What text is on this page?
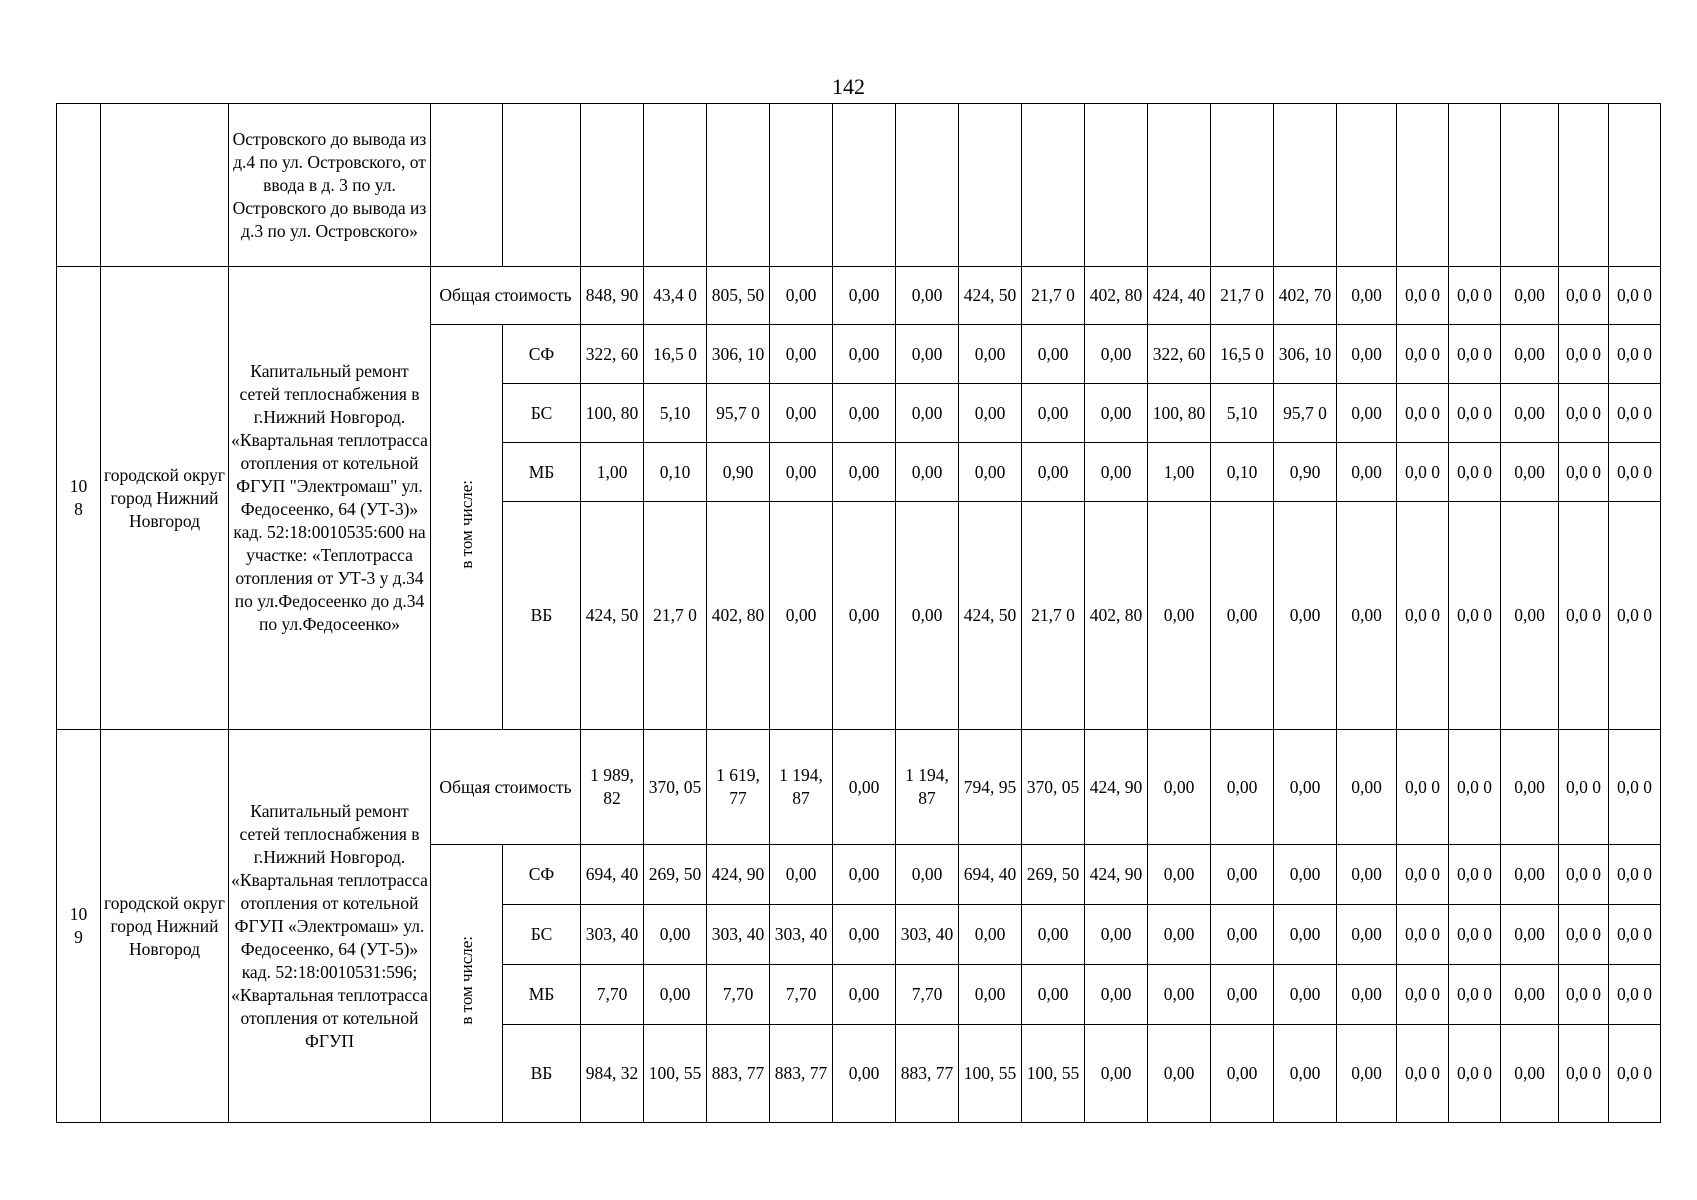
142
		Островского до вывода из д.4 по ул. Островского, от ввода в д. 3 по ул. Островского до вывода из д.3 по ул. Островского»																				
10
8	городской округ город Нижний Новгород	Капитальный ремонт сетей теплоснабжения в г.Нижний Новгород. «Квартальная теплотрасса отопления от котельной ФГУП "Электромаш" ул. Федосеенко, 64 (УТ-3)» кад. 52:18:0010535:600 на участке: «Теплотрасса отопления от УТ-3 у д.34 по ул.Федосеенко до д.34 по ул.Федосеенко»	Общая стоимость		848, 90	43,4 0	805, 50	0,00	0,00	0,00	424, 50	21,7 0	402, 80	424, 40	21,7 0	402, 70	0,00	0,0 0	0,0 0	0,00	0,0 0	0,0 0
			в том числе:	СФ	322, 60	16,5 0	306, 10	0,00	0,00	0,00	0,00	0,00	0,00	322, 60	16,5 0	306, 10	0,00	0,0 0	0,0 0	0,00	0,0 0	0,0 0
				БС	100, 80	5,10	95,7 0	0,00	0,00	0,00	0,00	0,00	0,00	100, 80	5,10	95,7 0	0,00	0,0 0	0,0 0	0,00	0,0 0	0,0 0
				МБ	1,00	0,10	0,90	0,00	0,00	0,00	0,00	0,00	0,00	1,00	0,10	0,90	0,00	0,0 0	0,0 0	0,00	0,0 0	0,0 0
				ВБ	424, 50	21,7 0	402, 80	0,00	0,00	0,00	424, 50	21,7 0	402, 80	0,00	0,00	0,00	0,00	0,0 0	0,0 0	0,00	0,0 0	0,0 0
10
9	городской округ город Нижний Новгород	Капитальный ремонт сетей теплоснабжения в г.Нижний Новгород. «Квартальная теплотрасса отопления от котельной ФГУП «Электромаш» ул. Федосеенко, 64 (УТ-5)» кад. 52:18:0010531:596; «Квартальная теплотрасса отопления от котельной ФГУП	Общая стоимость		1 989, 82	370, 05	1 619, 77	1 194, 87	0,00	1 194, 87	794, 95	370, 05	424, 90	0,00	0,00	0,00	0,00	0,0 0	0,0 0	0,00	0,0 0	0,0 0
			в том числе:	СФ	694, 40	269, 50	424, 90	0,00	0,00	0,00	694, 40	269, 50	424, 90	0,00	0,00	0,00	0,00	0,0 0	0,0 0	0,00	0,0 0	0,0 0
				БС	303, 40	0,00	303, 40	303, 40	0,00	303, 40	0,00	0,00	0,00	0,00	0,00	0,00	0,00	0,0 0	0,0 0	0,00	0,0 0	0,0 0
				МБ	7,70	0,00	7,70	7,70	0,00	7,70	0,00	0,00	0,00	0,00	0,00	0,00	0,00	0,0 0	0,0 0	0,00	0,0 0	0,0 0
				ВБ	984, 32	100, 55	883, 77	883, 77	0,00	883, 77	100, 55	100, 55	0,00	0,00	0,00	0,00	0,00	0,0 0	0,0 0	0,00	0,0 0	0,0 0
